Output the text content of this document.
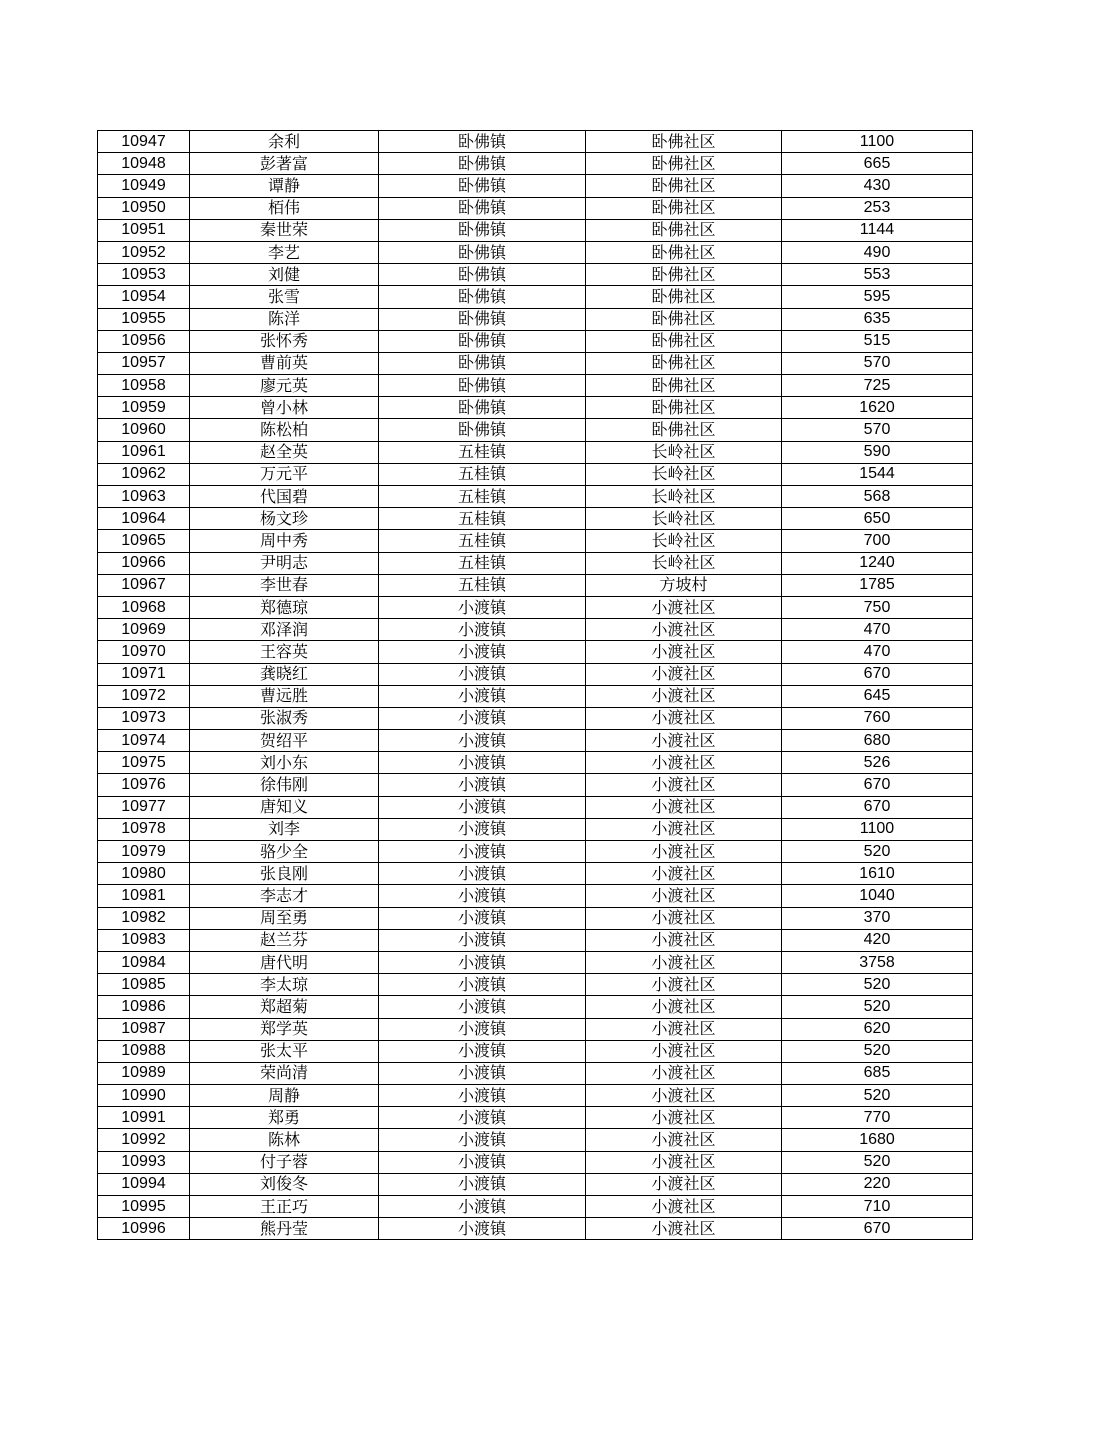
10947	余利	卧佛镇	卧佛社区	1100
10948	彭著富	卧佛镇	卧佛社区	665
10949	谭静	卧佛镇	卧佛社区	430
10950	栢伟	卧佛镇	卧佛社区	253
10951	秦世荣	卧佛镇	卧佛社区	1144
10952	李艺	卧佛镇	卧佛社区	490
10953	刘健	卧佛镇	卧佛社区	553
10954	张雪	卧佛镇	卧佛社区	595
10955	陈洋	卧佛镇	卧佛社区	635
10956	张怀秀	卧佛镇	卧佛社区	515
10957	曹前英	卧佛镇	卧佛社区	570
10958	廖元英	卧佛镇	卧佛社区	725
10959	曾小林	卧佛镇	卧佛社区	1620
10960	陈松柏	卧佛镇	卧佛社区	570
10961	赵全英	五桂镇	长岭社区	590
10962	万元平	五桂镇	长岭社区	1544
10963	代国碧	五桂镇	长岭社区	568
10964	杨文珍	五桂镇	长岭社区	650
10965	周中秀	五桂镇	长岭社区	700
10966	尹明志	五桂镇	长岭社区	1240
10967	李世春	五桂镇	方坡村	1785
10968	郑德琼	小渡镇	小渡社区	750
10969	邓泽润	小渡镇	小渡社区	470
10970	王容英	小渡镇	小渡社区	470
10971	龚晓红	小渡镇	小渡社区	670
10972	曹远胜	小渡镇	小渡社区	645
10973	张淑秀	小渡镇	小渡社区	760
10974	贺绍平	小渡镇	小渡社区	680
10975	刘小东	小渡镇	小渡社区	526
10976	徐伟刚	小渡镇	小渡社区	670
10977	唐知义	小渡镇	小渡社区	670
10978	刘李	小渡镇	小渡社区	1100
10979	骆少全	小渡镇	小渡社区	520
10980	张良刚	小渡镇	小渡社区	1610
10981	李志才	小渡镇	小渡社区	1040
10982	周至勇	小渡镇	小渡社区	370
10983	赵兰芬	小渡镇	小渡社区	420
10984	唐代明	小渡镇	小渡社区	3758
10985	李太琼	小渡镇	小渡社区	520
10986	郑超菊	小渡镇	小渡社区	520
10987	郑学英	小渡镇	小渡社区	620
10988	张太平	小渡镇	小渡社区	520
10989	荣尚清	小渡镇	小渡社区	685
10990	周静	小渡镇	小渡社区	520
10991	郑勇	小渡镇	小渡社区	770
10992	陈林	小渡镇	小渡社区	1680
10993	付子蓉	小渡镇	小渡社区	520
10994	刘俊冬	小渡镇	小渡社区	220
10995	王正巧	小渡镇	小渡社区	710
10996	熊丹莹	小渡镇	小渡社区	670
